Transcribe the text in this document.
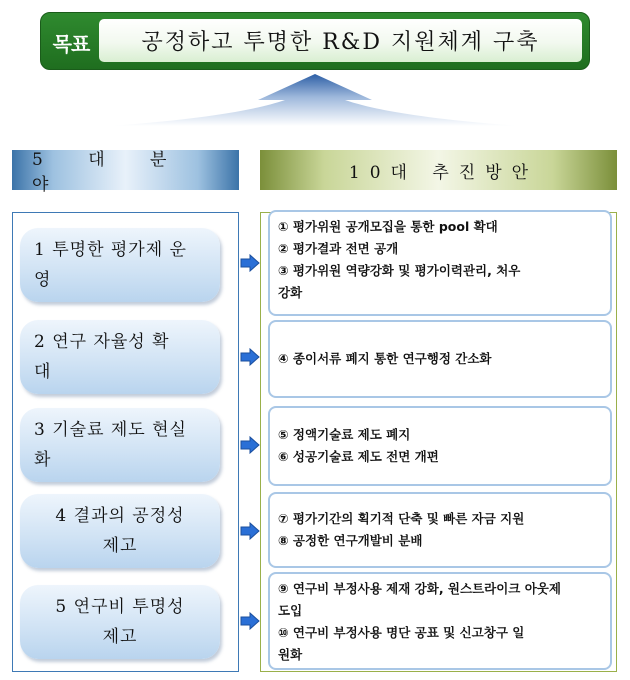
목표	공정하고 투명한 R&D 지원체계 구축
5 대 분 야
10대 추진방안
1 투명한 평가제 운
영
2 연구 자율성 확
대
3 기술료 제도 현실
화
4 결과의 공정성
제고
5 연구비 투명성
제고

① 평가위원 공개모집을 통한 pool 확대

② 평가결과 전면 공개

③ 평가위원 역량강화 및 평가이력관리, 처우

강화

④ 종이서류 폐지 통한 연구행정 간소화

⑤ 정액기술료 제도 폐지

⑥ 성공기술료 제도 전면 개편

⑦ 평가기간의 획기적 단축 및 빠른 자금 지원

⑧ 공정한 연구개발비 분배

⑨ 연구비 부정사용 제재 강화, 원스트라이크 아웃제

도입

⑩ 연구비 부정사용 명단 공표 및 신고창구 일

원화
